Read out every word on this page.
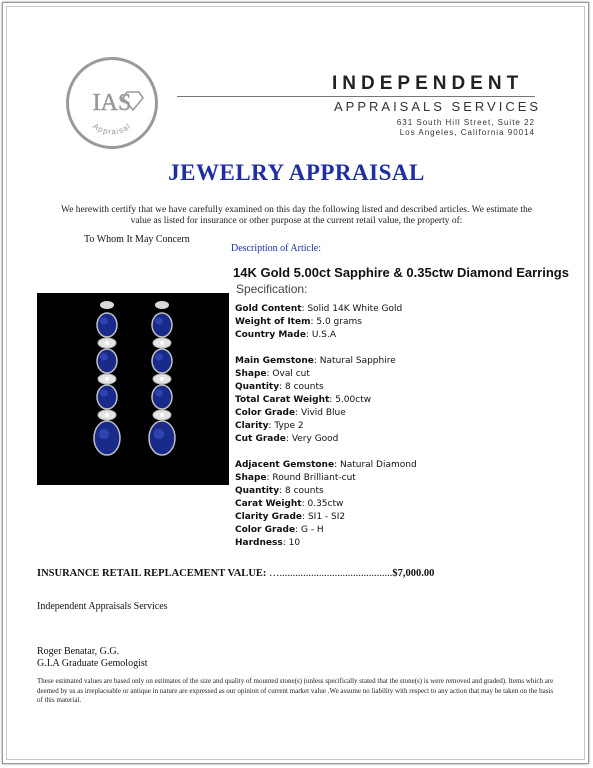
IAS
Appraisal
INDEPENDENT
APPRAISALS SERVICES
631 South Hill Street, Suite 22
Los Angeles, California 90014
JEWELRY APPRAISAL
We herewith certify that we have carefully examined on this day the following listed and described articles. We estimate the value as listed for insurance or other purpose at the current retail value, the property of:
To Whom It May Concern
Description of Article:
14K Gold 5.00ct Sapphire & 0.35ctw Diamond Earrings
Specification:
Gold Content: Solid 14K White Gold
Weight of Item: 5.0 grams
Country Made: U.S.A
Main Gemstone: Natural Sapphire
Shape: Oval cut
Quantity: 8 counts
Total Carat Weight: 5.00ctw
Color Grade: Vivid Blue
Clarity: Type 2
Cut Grade: Very Good
Adjacent Gemstone: Natural Diamond
Shape: Round Brilliant-cut
Quantity: 8 counts
Carat Weight: 0.35ctw
Clarity Grade: SI1 - SI2
Color Grade: G - H
Hardness: 10
INSURANCE RETAIL REPLACEMENT VALUE: …...........................................$7,000.00
Independent Appraisals Services
Roger Benatar, G.G.
G.I.A Graduate Gemologist
These estimated values are based only on estimates of the size and quality of mounted stone(s) (unless specifically stated that the stone(s) is were removed and graded). Items which are deemed by us as irreplaceable or antique in nature are expressed as our opinion of current market value .We assume no liability with respect to any action that may be taken on the basis of this material.
